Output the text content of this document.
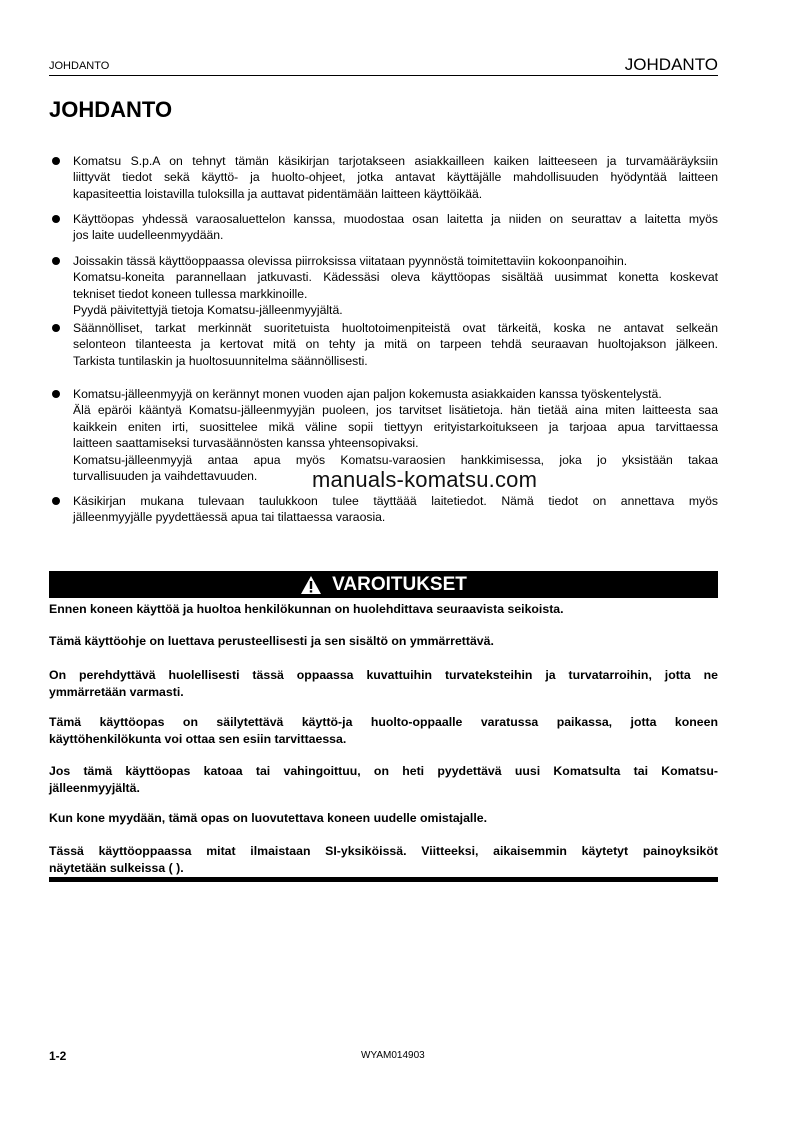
JOHDANTO	JOHDANTO
JOHDANTO
Komatsu S.p.A on tehnyt tämän käsikirjan tarjotakseen asiakkailleen kaiken laitteeseen ja turvamääräyksiin
liittyvät tiedot sekä käyttö- ja huolto-ohjeet, jotka antavat käyttäjälle mahdollisuuden hyödyntää laitteen
kapasiteettia loistavilla tuloksilla ja auttavat pidentämään laitteen käyttöikää.
Käyttöopas yhdessä varaosaluettelon kanssa, muodostaa osan laitetta ja niiden on seurattav a laitetta myös
jos laite uudelleenmyydään.
Joissakin tässä käyttöoppaassa olevissa piirroksissa viitataan pyynnöstä toimitettaviin kokoonpanoihin.
Komatsu-koneita parannellaan jatkuvasti. Kädessäsi oleva käyttöopas sisältää uusimmat konetta koskevat
tekniset tiedot koneen tullessa markkinoille.
Pyydä päivitettyjä tietoja Komatsu-jälleenmyyjältä.
Säännölliset, tarkat merkinnät suoritetuista huoltotoimenpiteistä ovat tärkeitä, koska ne antavat selkeän
selonteon tilanteesta ja kertovat mitä on tehty ja mitä on tarpeen tehdä seuraavan huoltojakson jälkeen.
Tarkista tuntilaskin ja huoltosuunnitelma säännöllisesti.
Komatsu-jälleenmyyjä on kerännyt monen vuoden ajan paljon kokemusta asiakkaiden kanssa työskentelystä.
Älä epäröi kääntyä Komatsu-jälleenmyyjän puoleen, jos tarvitset lisätietoja. hän tietää aina miten laitteesta saa
kaikkein eniten irti, suosittelee mikä väline sopii tiettyyn erityistarkoitukseen ja tarjoaa apua tarvittaessa
laitteen saattamiseksi turvasäännösten kanssa yhteensopivaksi.
Komatsu-jälleenmyyjä antaa apua myös Komatsu-varaosien hankkimisessa, joka jo yksistään takaa
turvallisuuden ja vaihdettavuuden.
Käsikirjan mukana tulevaan taulukkoon tulee täyttäää laitetiedot. Nämä tiedot on annettava myös
jälleenmyyjälle pyydettäessä apua tai tilattaessa varaosia.
manuals-komatsu.com
VAROITUKSET
Ennen koneen käyttöä ja huoltoa henkilökunnan on huolehdittava seuraavista seikoista.
Tämä käyttöohje on luettava perusteellisesti ja sen sisältö on ymmärrettävä.
On perehdyttävä huolellisesti tässä oppaassa kuvattuihin turvateksteihin ja turvatarroihin, jotta ne
ymmärretään varmasti.
Tämä käyttöopas on säilytettävä käyttö-ja huolto-oppaalle varatussa paikassa, jotta koneen
käyttöhenkilökunta voi ottaa sen esiin tarvittaessa.
Jos tämä käyttöopas katoaa tai vahingoittuu, on heti pyydettävä uusi Komatsulta tai Komatsu-
jälleenmyyjältä.
Kun kone myydään, tämä opas on luovutettava koneen uudelle omistajalle.
Tässä käyttöoppaassa mitat ilmaistaan SI-yksiköissä. Viitteeksi, aikaisemmin käytetyt painoyksiköt
näytetään sulkeissa ( ).
1-2	WYAM014903
